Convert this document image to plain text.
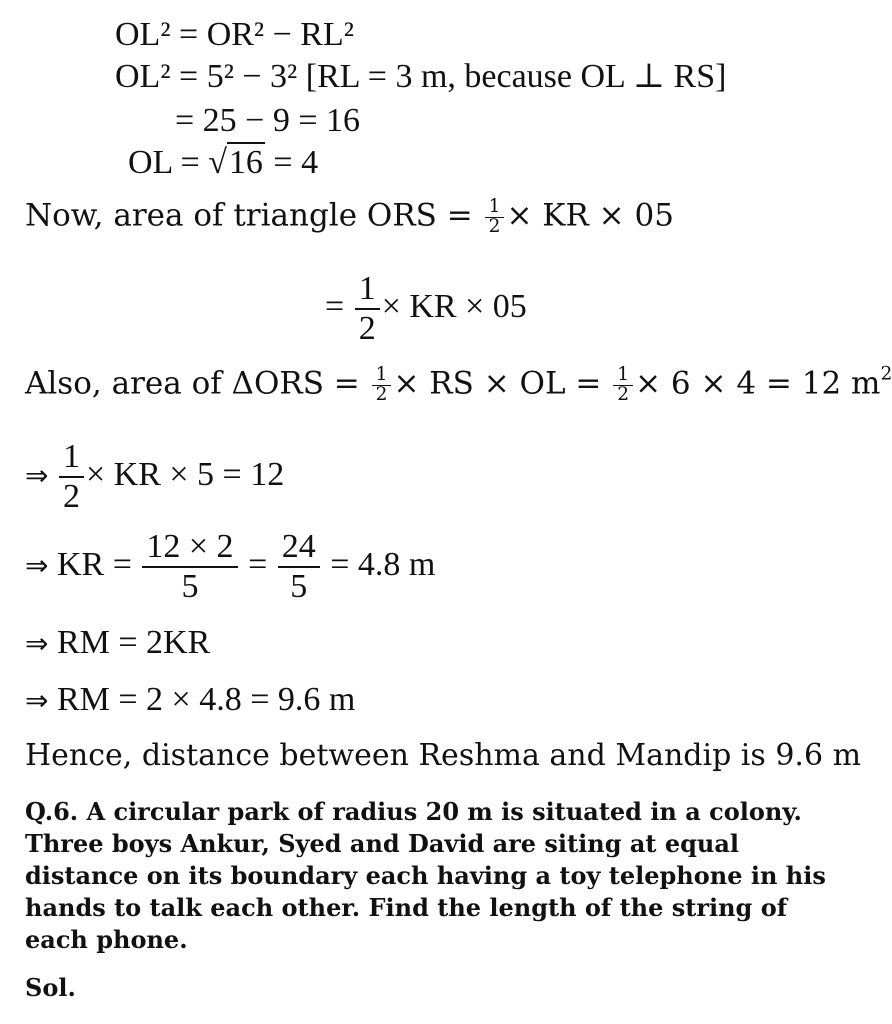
OL² = OR² − RL²
OL² = 5² − 3² [RL = 3 m, because OL ⊥ RS]
= 25 − 9 = 16
OL = √16 = 4
Now, area of triangle ORS = $\frac{1}{2}$ × KR × 05
= $\frac{1}{2}$ × KR × 05
Also, area of $\Delta ORS = \frac{1}{2}$ × RS × OL = $\frac{1}{2} \times 6 \times 4 = 12$ $m^2$
⇒ $\frac{1}{2}$ × KR × 5 = 12
⇒ KR = $\frac{12 \times 2}{5} = \frac{24}{5} = 4.8$ m
⇒ RM = 2KR
⇒ RM = 2 × 4.8 = 9.6 m
Hence, distance between Reshma and Mandip is 9.6 m
Q.6. A circular park of radius 20 m is situated in a colony. Three boys Ankur, Syed and David are siting at equal distance on its boundary each having a toy telephone in his hands to talk each other. Find the length of the string of each phone.
Sol.
